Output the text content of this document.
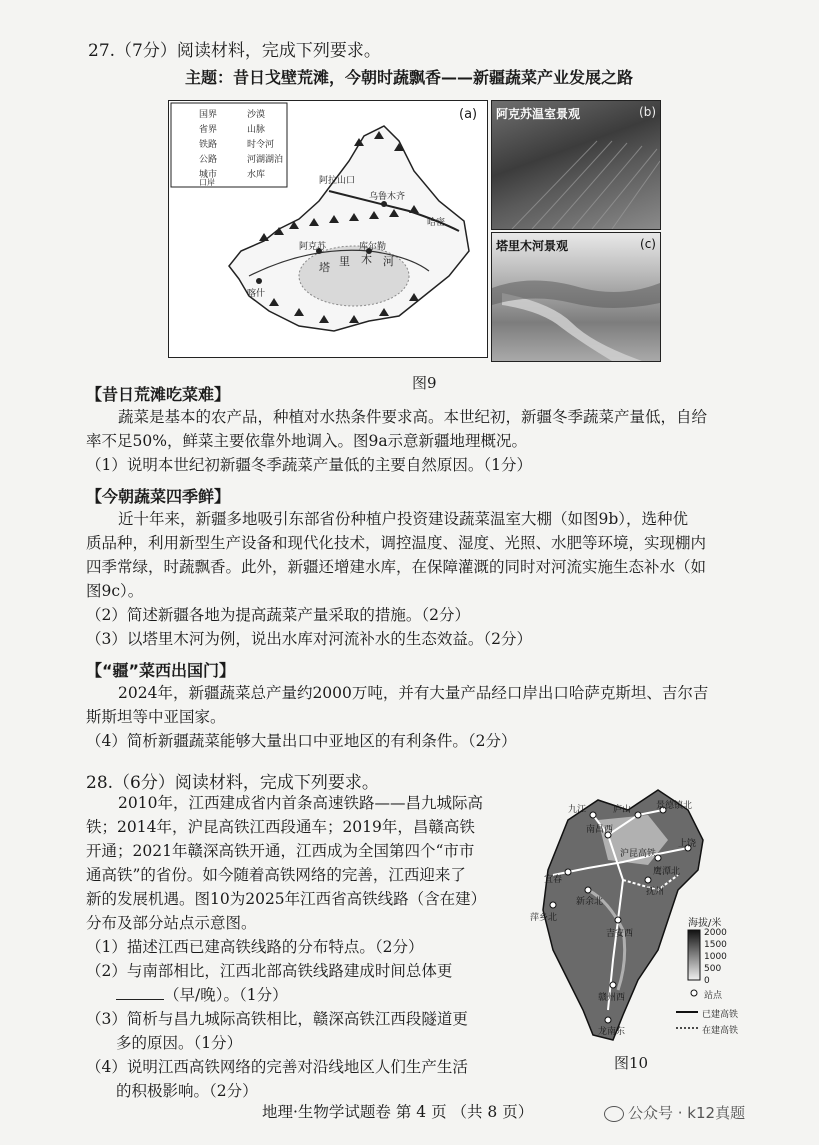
27.（7分）阅读材料，完成下列要求。
主题：昔日戈壁荒滩，今朝时蔬飘香——新疆蔬菜产业发展之路
国界	沙漠
省界	山脉
铁路	时令河
公路	河湖湖泊
城市	水库
口岸	阿拉山口
乌鲁木齐
哈密
阿克苏	库尔勒
喀什
塔 里 木 河
(a) 阿克苏温室景观	(b)
塔里木河景观	(c)
图9
【昔日荒滩吃菜难】
蔬菜是基本的农产品，种植对水热条件要求高。本世纪初，新疆冬季蔬菜产量低，自给
率不足50%，鲜菜主要依靠外地调入。图9a示意新疆地理概况。
（1）说明本世纪初新疆冬季蔬菜产量低的主要自然原因。（1分）
【今朝蔬菜四季鲜】
近十年来，新疆多地吸引东部省份种植户投资建设蔬菜温室大棚（如图9b），选种优
质品种，利用新型生产设备和现代化技术，调控温度、湿度、光照、水肥等环境，实现棚内
四季常绿，时蔬飘香。此外，新疆还增建水库，在保障灌溉的同时对河流实施生态补水（如
图9c）。
（2）简述新疆各地为提高蔬菜产量采取的措施。（2分）
（3）以塔里木河为例，说出水库对河流补水的生态效益。（2分）
【“疆”菜西出国门】
2024年，新疆蔬菜总产量约2000万吨，并有大量产品经口岸出口哈萨克斯坦、吉尔吉
斯斯坦等中亚国家。
（4）简析新疆蔬菜能够大量出口中亚地区的有利条件。（2分）
28.（6分）阅读材料，完成下列要求。
2010年，江西建成省内首条高速铁路——昌九城际高
铁；2014年，沪昆高铁江西段通车；2019年，昌赣高铁
开通；2021年赣深高铁开通，江西成为全国第四个“市市
通高铁”的省份。如今随着高铁网络的完善，江西迎来了
新的发展机遇。图10为2025年江西省高铁线路（含在建）
分布及部分站点示意图。
（1）描述江西已建高铁线路的分布特点。（2分）
（2）与南部相比，江西北部高铁线路建成时间总体更
（早/晚）。（1分）
（3）简析与昌九城际高铁相比，赣深高铁江西段隧道更
多的原因。（1分）
（4）说明江西高铁网络的完善对沿线地区人们生产生活
的积极影响。（2分）
九江	庐山	景德镇北
南昌西
上饶
鹰潭北
抚州
宜春
新余北
萍乡北
吉安西
赣州西
沪昆高铁
龙南东
海拔/米
2000
1500
1000
500
0
站点
已建高铁
在建高铁
图10
地理·生物学试题卷 第 4 页 （共 8 页）	公众号 · k12真题
